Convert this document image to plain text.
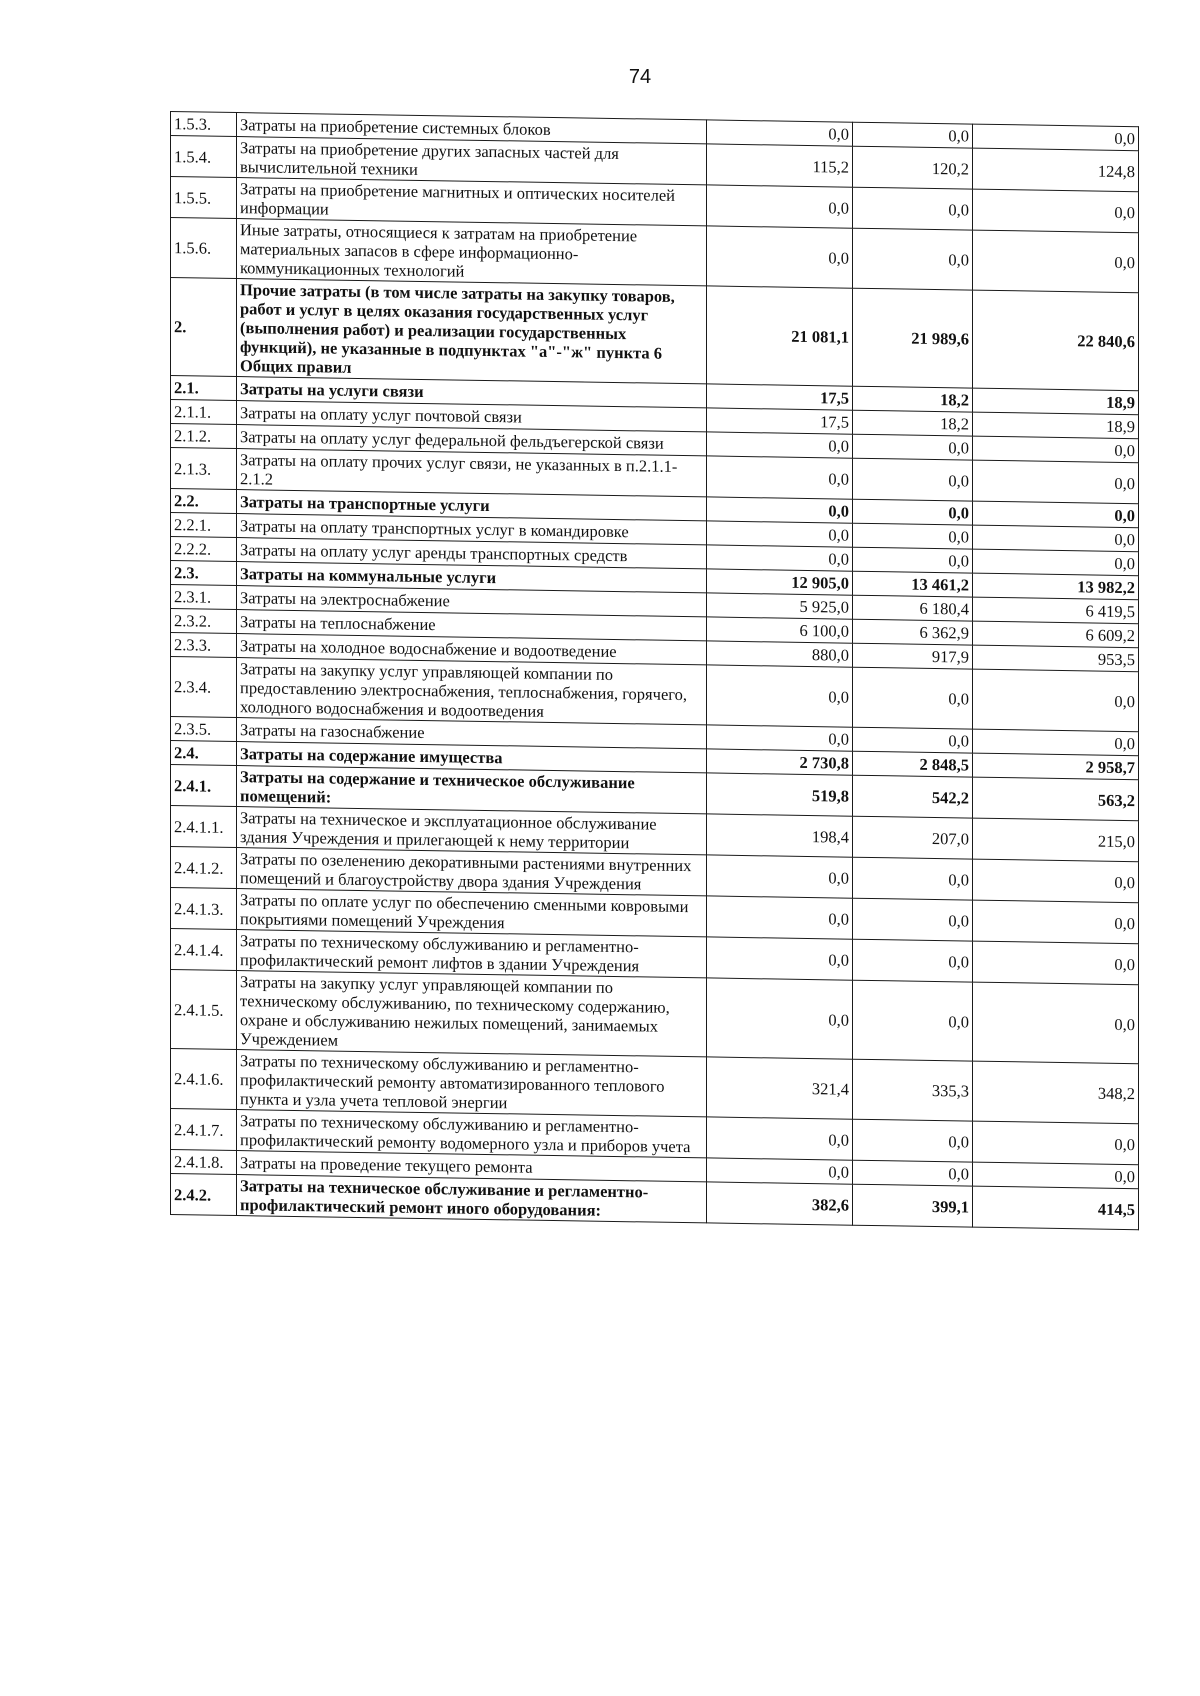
74
1.5.3.	Затраты на приобретение системных блоков	0,0	0,0	0,0
1.5.4.	Затраты на приобретение других запасных частей для вычислительной техники	115,2	120,2	124,8
1.5.5.	Затраты на приобретение магнитных и оптических носителей информации	0,0	0,0	0,0
1.5.6.	Иные затраты, относящиеся к затратам на приобретение материальных запасов в сфере информационно-коммуникационных технологий	0,0	0,0	0,0
2.	Прочие затраты (в том числе затраты на закупку товаров, работ и услуг в целях оказания государственных услуг (выполнения работ) и реализации государственных функций), не указанные в подпунктах "а"-"ж" пункта 6 Общих правил	21 081,1	21 989,6	22 840,6
2.1.	Затраты на услуги связи	17,5	18,2	18,9
2.1.1.	Затраты на оплату услуг почтовой связи	17,5	18,2	18,9
2.1.2.	Затраты на оплату услуг федеральной фельдъегерской связи	0,0	0,0	0,0
2.1.3.	Затраты на оплату прочих услуг связи, не указанных в п.2.1.1-2.1.2	0,0	0,0	0,0
2.2.	Затраты на транспортные услуги	0,0	0,0	0,0
2.2.1.	Затраты на оплату транспортных услуг в командировке	0,0	0,0	0,0
2.2.2.	Затраты на оплату услуг аренды транспортных средств	0,0	0,0	0,0
2.3.	Затраты на коммунальные услуги	12 905,0	13 461,2	13 982,2
2.3.1.	Затраты на электроснабжение	5 925,0	6 180,4	6 419,5
2.3.2.	Затраты на теплоснабжение	6 100,0	6 362,9	6 609,2
2.3.3.	Затраты на холодное водоснабжение и водоотведение	880,0	917,9	953,5
2.3.4.	Затраты на закупку услуг управляющей компании по предоставлению электроснабжения, теплоснабжения, горячего, холодного водоснабжения и водоотведения	0,0	0,0	0,0
2.3.5.	Затраты на газоснабжение	0,0	0,0	0,0
2.4.	Затраты на содержание имущества	2 730,8	2 848,5	2 958,7
2.4.1.	Затраты на содержание и техническое обслуживание помещений:	519,8	542,2	563,2
2.4.1.1.	Затраты на техническое и эксплуатационное обслуживание здания Учреждения и прилегающей к нему территории	198,4	207,0	215,0
2.4.1.2.	Затраты по озеленению декоративными растениями внутренних помещений и благоустройству двора здания Учреждения	0,0	0,0	0,0
2.4.1.3.	Затраты по оплате услуг по обеспечению сменными ковровыми покрытиями помещений Учреждения	0,0	0,0	0,0
2.4.1.4.	Затраты по техническому обслуживанию и регламентно-профилактический ремонт лифтов в здании Учреждения	0,0	0,0	0,0
2.4.1.5.	Затраты на закупку услуг управляющей компании по техническому обслуживанию, по техническому содержанию, охране и обслуживанию нежилых помещений, занимаемых Учреждением	0,0	0,0	0,0
2.4.1.6.	Затраты по техническому обслуживанию и регламентно-профилактический ремонту автоматизированного теплового пункта и узла учета тепловой энергии	321,4	335,3	348,2
2.4.1.7.	Затраты по техническому обслуживанию и регламентно-профилактический ремонту водомерного узла и приборов учета	0,0	0,0	0,0
2.4.1.8.	Затраты на проведение текущего ремонта	0,0	0,0	0,0
2.4.2.	Затраты на техническое обслуживание и регламентно-профилактический ремонт иного оборудования:	382,6	399,1	414,5
